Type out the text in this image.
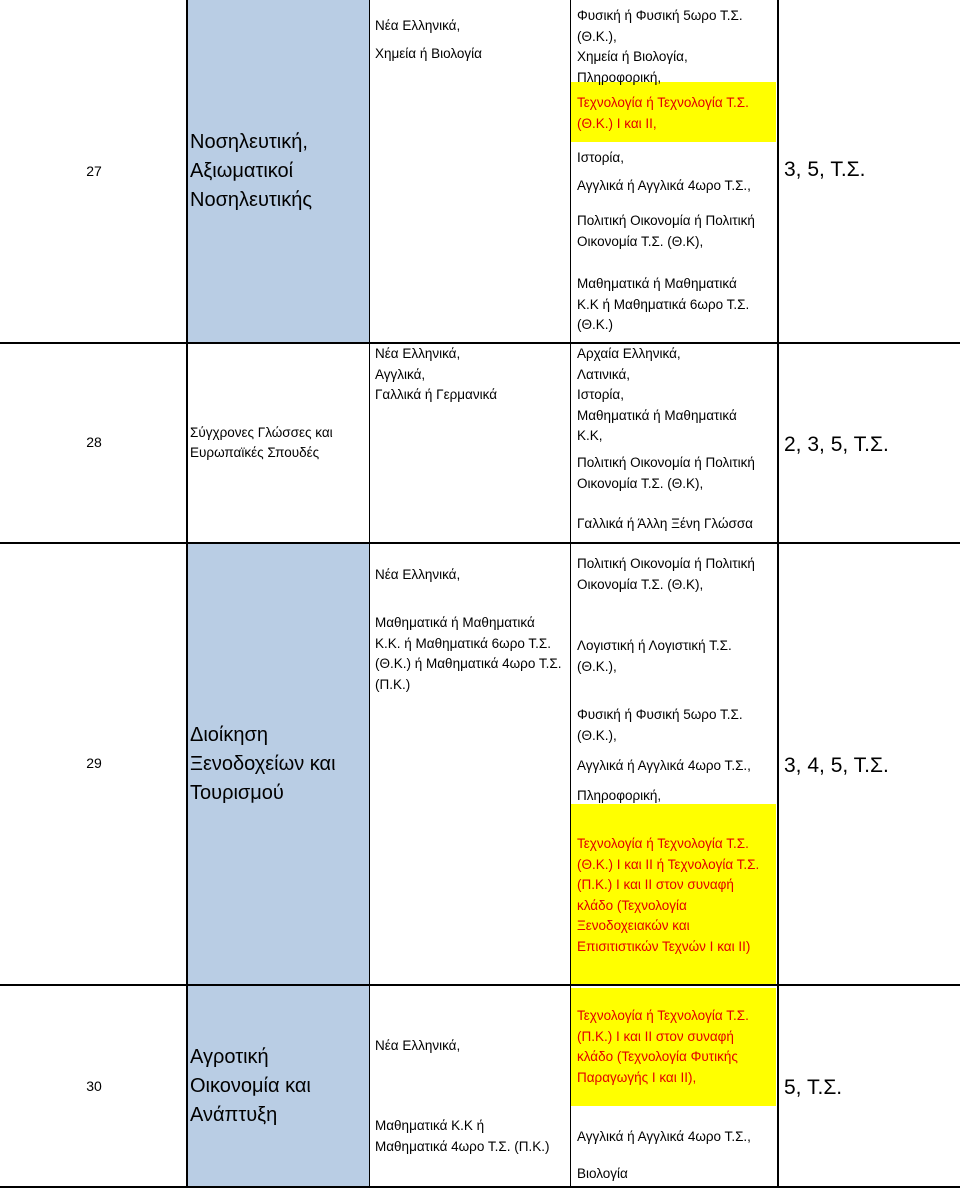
27
Νοσηλευτική,
Αξιωματικοί
Νοσηλευτικής
Νέα Ελληνικά,
Χημεία ή Βιολογία
Φυσική ή Φυσική 5ωρο Τ.Σ.
(Θ.Κ.),
Χημεία ή Βιολογία,
Πληροφορική,
Τεχνολογία ή Τεχνολογία Τ.Σ.
(Θ.Κ.) Ι και ΙΙ,
Ιστορία,
Αγγλικά ή Αγγλικά 4ωρο Τ.Σ.,
Πολιτική Οικονομία ή Πολιτική
Οικονομία Τ.Σ. (Θ.Κ),
Μαθηματικά ή Μαθηματικά
Κ.Κ ή Μαθηματικά 6ωρο Τ.Σ.
(Θ.Κ.)
3, 5, Τ.Σ.
28
Σύγχρονες Γλώσσες και
Ευρωπαϊκές Σπουδές
Νέα Ελληνικά,
Αγγλικά,
Γαλλικά ή Γερμανικά
Αρχαία Ελληνικά,
Λατινικά,
Ιστορία,
Μαθηματικά ή Μαθηματικά
Κ.Κ,
Πολιτική Οικονομία ή Πολιτική
Οικονομία Τ.Σ. (Θ.Κ),
Γαλλικά ή Άλλη Ξένη Γλώσσα
2, 3, 5, Τ.Σ.
29
Διοίκηση
Ξενοδοχείων και
Τουρισμού
Νέα Ελληνικά,
Μαθηματικά ή Μαθηματικά
Κ.Κ. ή Μαθηματικά 6ωρο Τ.Σ.
(Θ.Κ.) ή Μαθηματικά 4ωρο Τ.Σ.
(Π.Κ.)
Πολιτική Οικονομία ή Πολιτική
Οικονομία Τ.Σ. (Θ.Κ),
Λογιστική ή Λογιστική Τ.Σ.
(Θ.Κ.),
Φυσική ή Φυσική 5ωρο Τ.Σ.
(Θ.Κ.),
Αγγλικά ή Αγγλικά 4ωρο Τ.Σ.,
Πληροφορική,
Τεχνολογία ή Τεχνολογία Τ.Σ.
(Θ.Κ.) Ι και ΙΙ ή Τεχνολογία Τ.Σ.
(Π.Κ.) Ι και ΙΙ στον συναφή
κλάδο (Τεχνολογία
Ξενοδοχειακών και
Επισιτιστικών Τεχνών Ι και ΙΙ)
3, 4, 5, Τ.Σ.
30
Αγροτική
Οικονομία και
Ανάπτυξη
Νέα Ελληνικά,
Μαθηματικά Κ.Κ ή
Μαθηματικά 4ωρο Τ.Σ. (Π.Κ.)
Τεχνολογία ή Τεχνολογία Τ.Σ.
(Π.Κ.) Ι και ΙΙ στον συναφή
κλάδο (Τεχνολογία Φυτικής
Παραγωγής Ι και ΙΙ),
Αγγλικά ή Αγγλικά 4ωρο Τ.Σ.,
Βιολογία
5, Τ.Σ.
